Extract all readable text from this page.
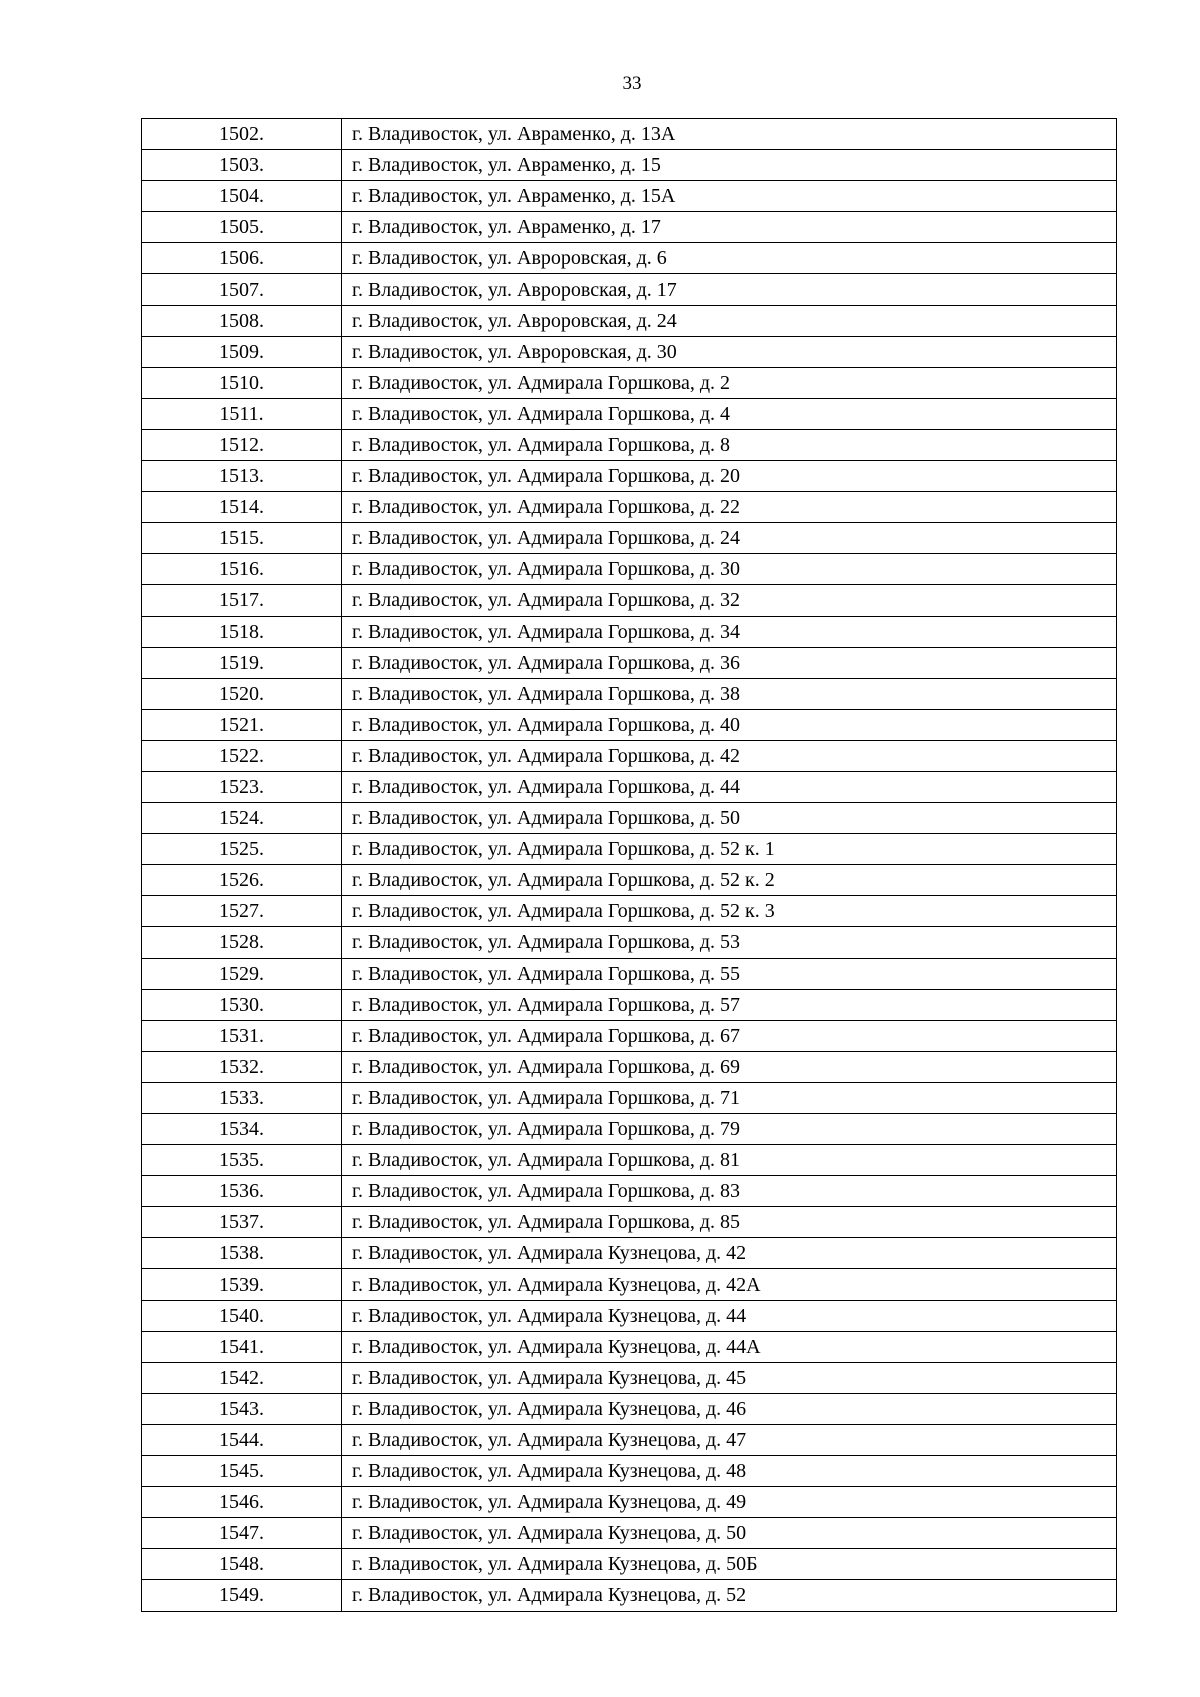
33
1502.	г. Владивосток, ул. Авраменко, д. 13А
1503.	г. Владивосток, ул. Авраменко, д. 15
1504.	г. Владивосток, ул. Авраменко, д. 15А
1505.	г. Владивосток, ул. Авраменко, д. 17
1506.	г. Владивосток, ул. Авроровская, д. 6
1507.	г. Владивосток, ул. Авроровская, д. 17
1508.	г. Владивосток, ул. Авроровская, д. 24
1509.	г. Владивосток, ул. Авроровская, д. 30
1510.	г. Владивосток, ул. Адмирала Горшкова, д. 2
1511.	г. Владивосток, ул. Адмирала Горшкова, д. 4
1512.	г. Владивосток, ул. Адмирала Горшкова, д. 8
1513.	г. Владивосток, ул. Адмирала Горшкова, д. 20
1514.	г. Владивосток, ул. Адмирала Горшкова, д. 22
1515.	г. Владивосток, ул. Адмирала Горшкова, д. 24
1516.	г. Владивосток, ул. Адмирала Горшкова, д. 30
1517.	г. Владивосток, ул. Адмирала Горшкова, д. 32
1518.	г. Владивосток, ул. Адмирала Горшкова, д. 34
1519.	г. Владивосток, ул. Адмирала Горшкова, д. 36
1520.	г. Владивосток, ул. Адмирала Горшкова, д. 38
1521.	г. Владивосток, ул. Адмирала Горшкова, д. 40
1522.	г. Владивосток, ул. Адмирала Горшкова, д. 42
1523.	г. Владивосток, ул. Адмирала Горшкова, д. 44
1524.	г. Владивосток, ул. Адмирала Горшкова, д. 50
1525.	г. Владивосток, ул. Адмирала Горшкова, д. 52 к. 1
1526.	г. Владивосток, ул. Адмирала Горшкова, д. 52 к. 2
1527.	г. Владивосток, ул. Адмирала Горшкова, д. 52 к. 3
1528.	г. Владивосток, ул. Адмирала Горшкова, д. 53
1529.	г. Владивосток, ул. Адмирала Горшкова, д. 55
1530.	г. Владивосток, ул. Адмирала Горшкова, д. 57
1531.	г. Владивосток, ул. Адмирала Горшкова, д. 67
1532.	г. Владивосток, ул. Адмирала Горшкова, д. 69
1533.	г. Владивосток, ул. Адмирала Горшкова, д. 71
1534.	г. Владивосток, ул. Адмирала Горшкова, д. 79
1535.	г. Владивосток, ул. Адмирала Горшкова, д. 81
1536.	г. Владивосток, ул. Адмирала Горшкова, д. 83
1537.	г. Владивосток, ул. Адмирала Горшкова, д. 85
1538.	г. Владивосток, ул. Адмирала Кузнецова, д. 42
1539.	г. Владивосток, ул. Адмирала Кузнецова, д. 42А
1540.	г. Владивосток, ул. Адмирала Кузнецова, д. 44
1541.	г. Владивосток, ул. Адмирала Кузнецова, д. 44А
1542.	г. Владивосток, ул. Адмирала Кузнецова, д. 45
1543.	г. Владивосток, ул. Адмирала Кузнецова, д. 46
1544.	г. Владивосток, ул. Адмирала Кузнецова, д. 47
1545.	г. Владивосток, ул. Адмирала Кузнецова, д. 48
1546.	г. Владивосток, ул. Адмирала Кузнецова, д. 49
1547.	г. Владивосток, ул. Адмирала Кузнецова, д. 50
1548.	г. Владивосток, ул. Адмирала Кузнецова, д. 50Б
1549.	г. Владивосток, ул. Адмирала Кузнецова, д. 52
